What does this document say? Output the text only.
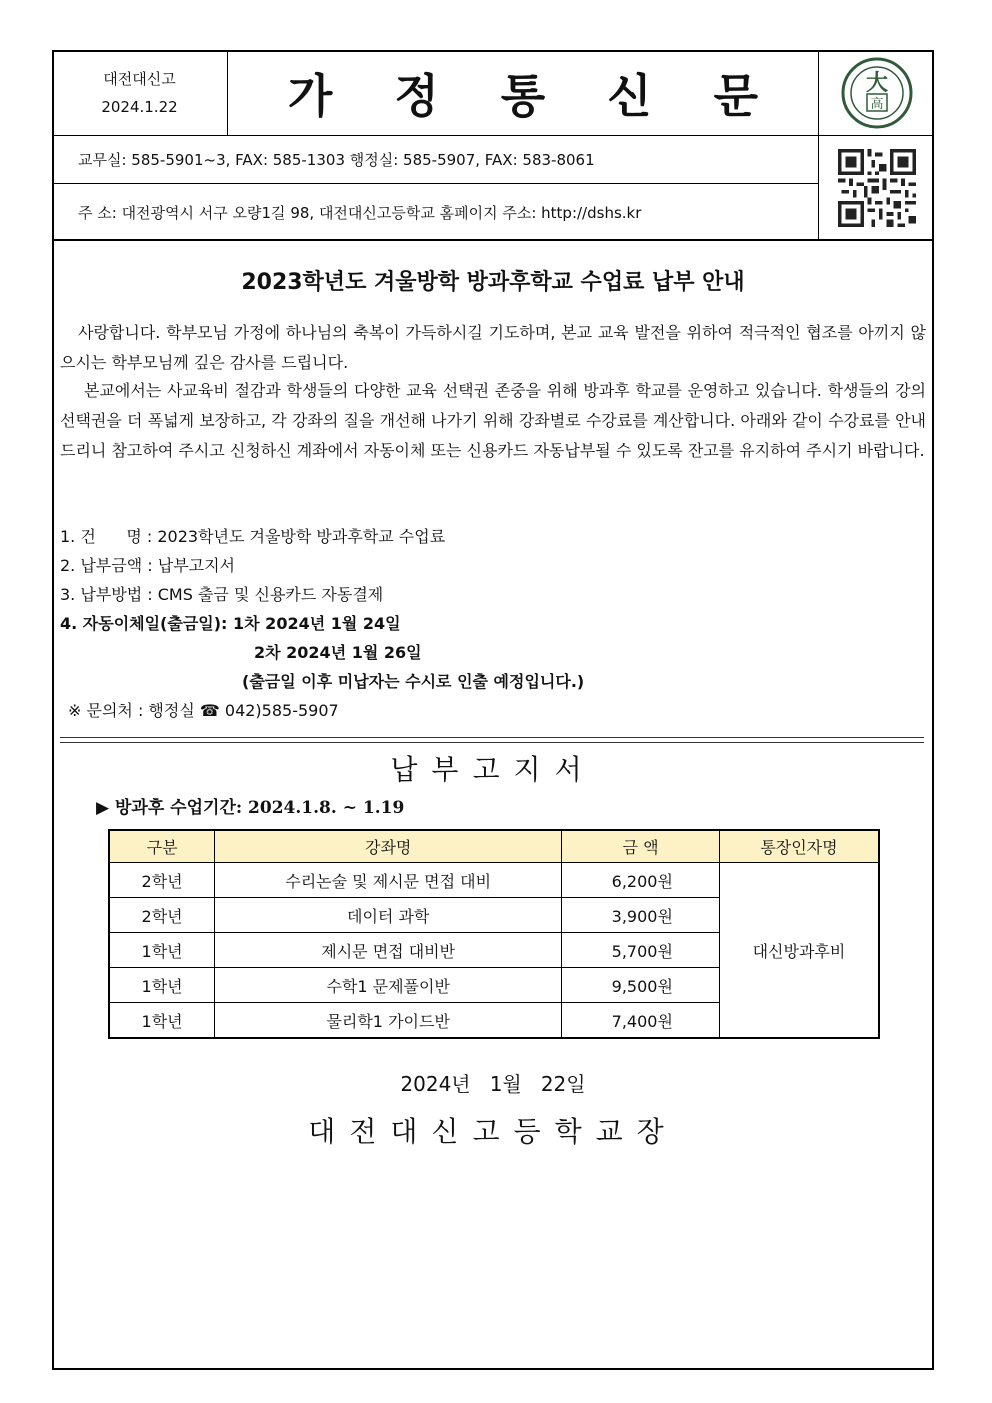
대전대신고
2024.1.22 가 정 통 신 문	大
高
교무실: 585-5901~3, FAX: 585-1303 행정실: 585-5907, FAX: 583-8061
주 소: 대전광역시 서구 오량1길 98, 대전대신고등학교 홈페이지 주소: http://dshs.kr
2023학년도 겨울방학 방과후학교 수업료 납부 안내
사랑합니다. 학부모님 가정에 하나님의 축복이 가득하시길 기도하며, 본교 교육 발전을 위하여 적극적인 협조를 아끼지 않으시는 학부모님께 깊은 감사를 드립니다.
본교에서는 사교육비 절감과 학생들의 다양한 교육 선택권 존중을 위해 방과후 학교를 운영하고 있습니다. 학생들의 강의 선택권을 더 폭넓게 보장하고, 각 강좌의 질을 개선해 나가기 위해 강좌별로 수강료를 계산합니다. 아래와 같이 수강료를 안내드리니 참고하여 주시고 신청하신 계좌에서 자동이체 또는 신용카드 자동납부될 수 있도록 잔고를 유지하여 주시기 바랍니다.
1. 건      명 : 2023학년도 겨울방학 방과후학교 수업료
2. 납부금액 : 납부고지서
3. 납부방법 : CMS 출금 및 신용카드 자동결제
4. 자동이체일(출금일): 1차 2024년 1월 24일
2차 2024년 1월 26일
(출금일 이후 미납자는 수시로 인출 예정입니다.)
※ 문의처 : 행정실 ☎ 042)585-5907
납부고지서
▶ 방과후 수업기간: 2024.1.8. ~ 1.19
구분	강좌명	금 액	통장인자명
2학년	수리논술 및 제시문 면접 대비	6,200원	대신방과후비
2학년	데이터 과학	3,900원	
1학년	제시문 면접 대비반	5,700원	
1학년	수학1 문제풀이반	9,500원	
1학년	물리학1 가이드반	7,400원	
2024년   1월   22일
대전대신고등학교장
